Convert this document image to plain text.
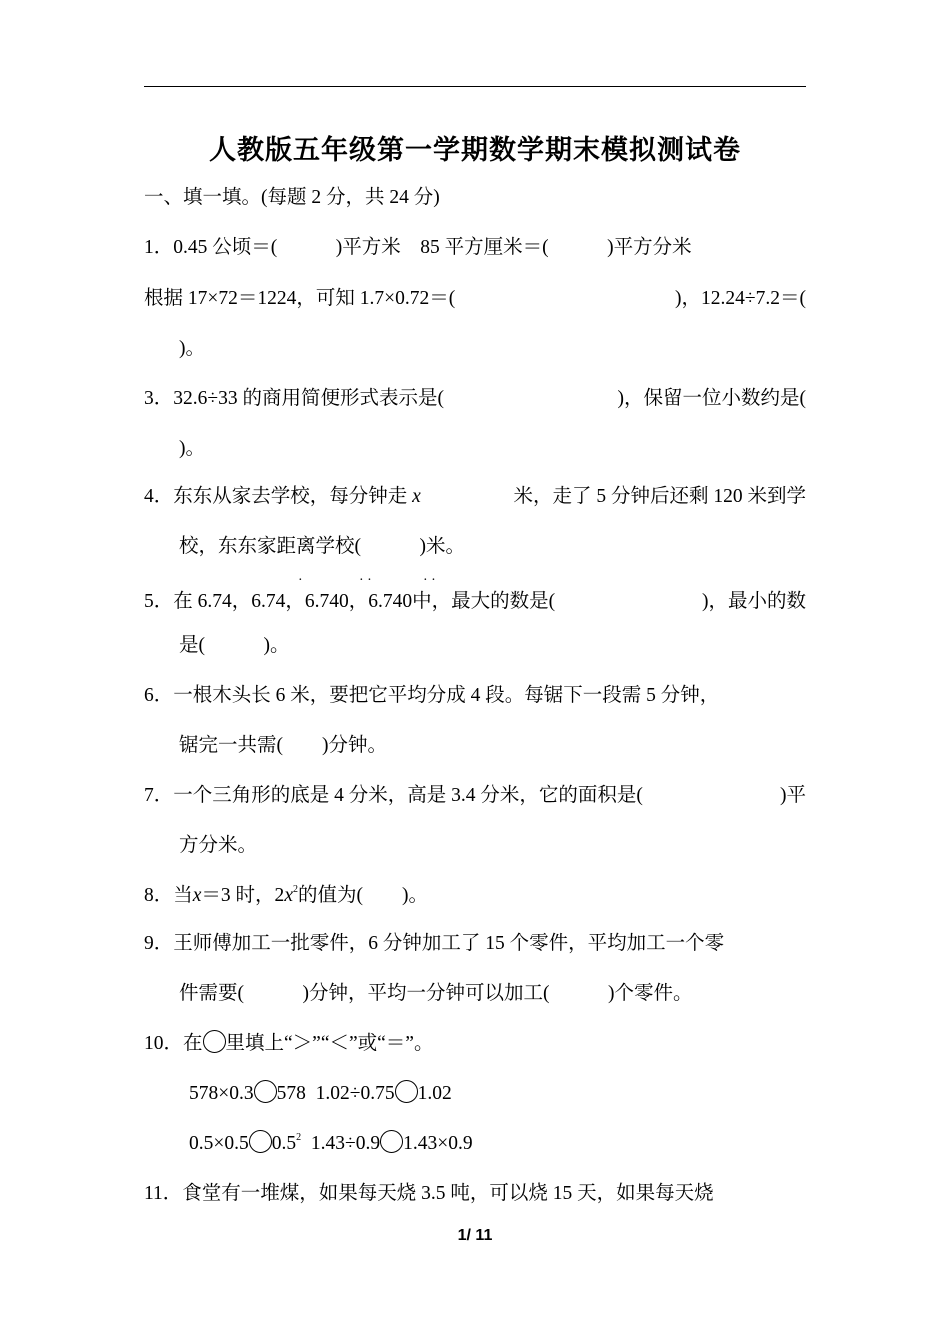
人教版五年级第一学期数学期末模拟测试卷
一、填一填。(每题 2 分，共 24 分)
1．0.45 公顷＝(　　　)平方米　85 平方厘米＝(　　　)平方分米
根据 17×72＝1224，可知 1.7×0.72＝(	　　　　)，12.24÷7.2＝(
)。
3．32.6÷33 的商用简便形式表示是(	　　　)，保留一位小数约是(
)。
4．东东从家去学校，每分钟走 x	米，走了 5 分钟后还剩 120 米到学
校，东东家距离学校(　　　)米。
·	· ·	· ·
5．在 6.74，6.74，6.740，6.740中，最大的数是(	　　　)，最小的数
是(　　　)。
6．一根木头长 6 米，要把它平均分成 4 段。每锯下一段需 5 分钟，
锯完一共需(　　)分钟。
7．一个三角形的底是 4 分米，高是 3.4 分米，它的面积是(	　　)平
方分米。
8．当x＝3 时，$2x^2$的值为(　　)。
9．王师傅加工一批零件，6 分钟加工了 15 个零件，平均加工一个零
件需要(　　　)分钟，平均一分钟可以加工(　　　)个零件。
10．在 里填上“＞”“＜”或“＝”。
578×0.3 578  1.02÷0.75 1.02
0.5×0.5 $0.5^2$  1.43÷0.9 1.43×0.9
11．食堂有一堆煤，如果每天烧 3.5 吨，可以烧 15 天，如果每天烧
1/ 11
